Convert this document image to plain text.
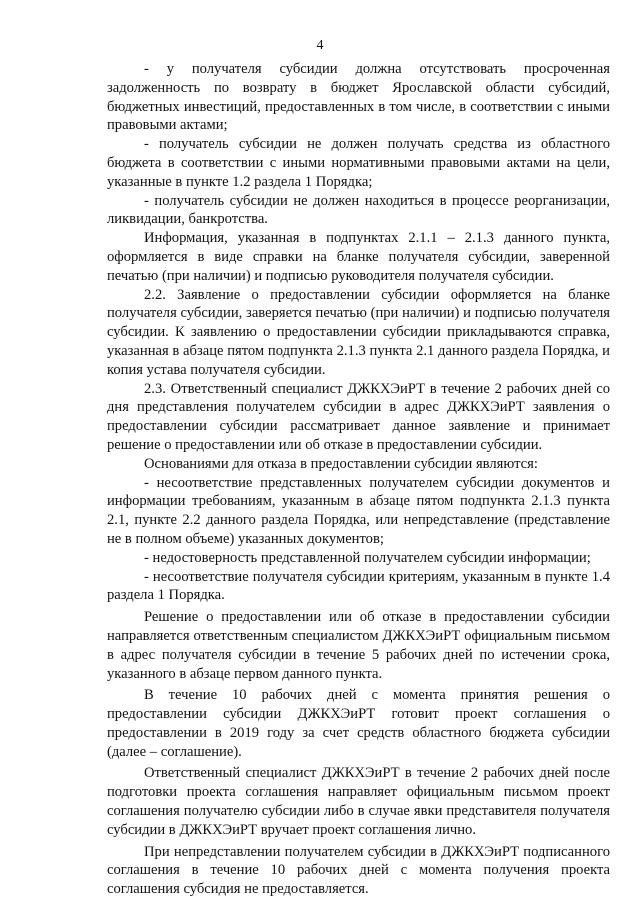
4

- у получателя субсидии должна отсутствовать просроченная задолженность по возврату в бюджет Ярославской области субсидий, бюджетных инвестиций, предоставленных в том числе, в соответствии с иными правовыми актами;

- получатель субсидии не должен получать средства из областного бюджета в соответствии с иными нормативными правовыми актами на цели, указанные в пункте 1.2 раздела 1 Порядка;

- получатель субсидии не должен находиться в процессе реорганизации, ликвидации, банкротства.

Информация, указанная в подпунктах 2.1.1 – 2.1.3 данного пункта, оформляется в виде справки на бланке получателя субсидии, заверенной печатью (при наличии) и подписью руководителя получателя субсидии.

2.2. Заявление о предоставлении субсидии оформляется на бланке получателя субсидии, заверяется печатью (при наличии) и подписью получателя субсидии. К заявлению о предоставлении субсидии прикладываются справка, указанная в абзаце пятом подпункта 2.1.3 пункта 2.1 данного раздела Порядка, и копия устава получателя субсидии.

2.3. Ответственный специалист ДЖКХЭиРТ в течение 2 рабочих дней со дня представления получателем субсидии в адрес ДЖКХЭиРТ заявления о предоставлении субсидии рассматривает данное заявление и принимает решение о предоставлении или об отказе в предоставлении субсидии.

Основаниями для отказа в предоставлении субсидии являются:

- несоответствие представленных получателем субсидии документов и информации требованиям, указанным в абзаце пятом подпункта 2.1.3 пункта 2.1, пункте 2.2 данного раздела Порядка, или непредставление (представление не в полном объеме) указанных документов;

- недостоверность представленной получателем субсидии информации;

- несоответствие получателя субсидии критериям, указанным в пункте 1.4 раздела 1 Порядка.

Решение о предоставлении или об отказе в предоставлении субсидии направляется ответственным специалистом ДЖКХЭиРТ официальным письмом в адрес получателя субсидии в течение 5 рабочих дней по истечении срока, указанного в абзаце первом данного пункта.

В течение 10 рабочих дней с момента принятия решения о предоставлении субсидии ДЖКХЭиРТ готовит проект соглашения о предоставлении в 2019 году за счет средств областного бюджета субсидии (далее – соглашение).

Ответственный специалист ДЖКХЭиРТ в течение 2 рабочих дней после подготовки проекта соглашения направляет официальным письмом проект соглашения получателю субсидии либо в случае явки представителя получателя субсидии в ДЖКХЭиРТ вручает проект соглашения лично.

При непредставлении получателем субсидии в ДЖКХЭиРТ подписанного соглашения в течение 10 рабочих дней с момента получения проекта соглашения субсидия не предоставляется.
